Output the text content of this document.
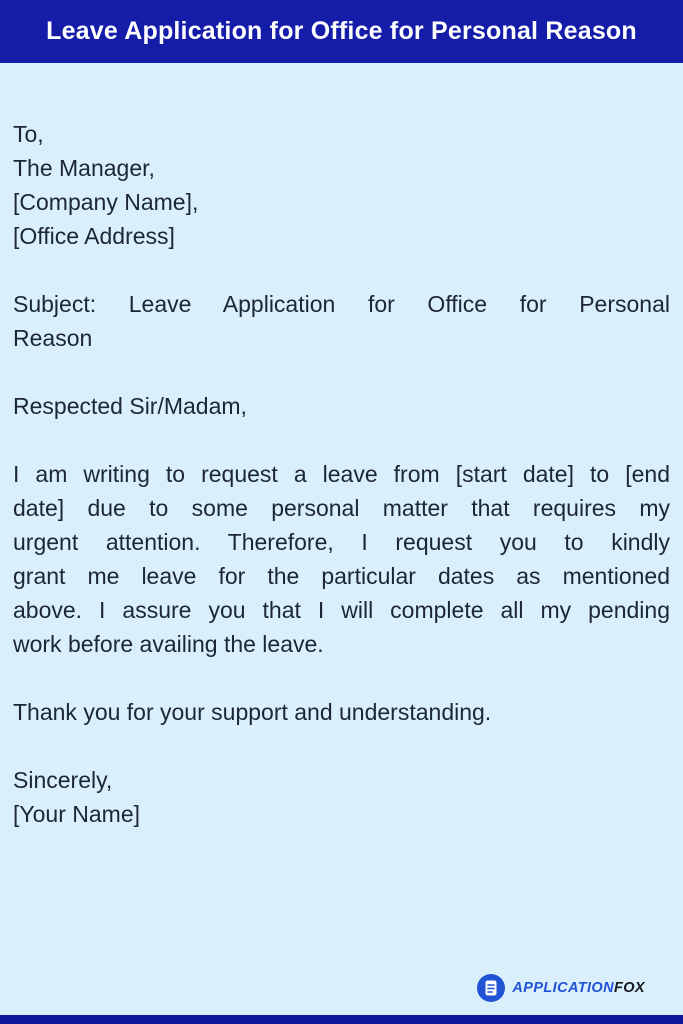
Leave Application for Office for Personal Reason
To,
The Manager,
[Company Name],
[Office Address]
Subject: Leave Application for Office for Personal
Reason
Respected Sir/Madam,
I am writing to request a leave from [start date] to [end
date] due to some personal matter that requires my
urgent attention. Therefore, I request you to kindly
grant me leave for the particular dates as mentioned
above. I assure you that I will complete all my pending
work before availing the leave.
Thank you for your support and understanding.
Sincerely,
[Your Name]
APPLICATIONFOX
